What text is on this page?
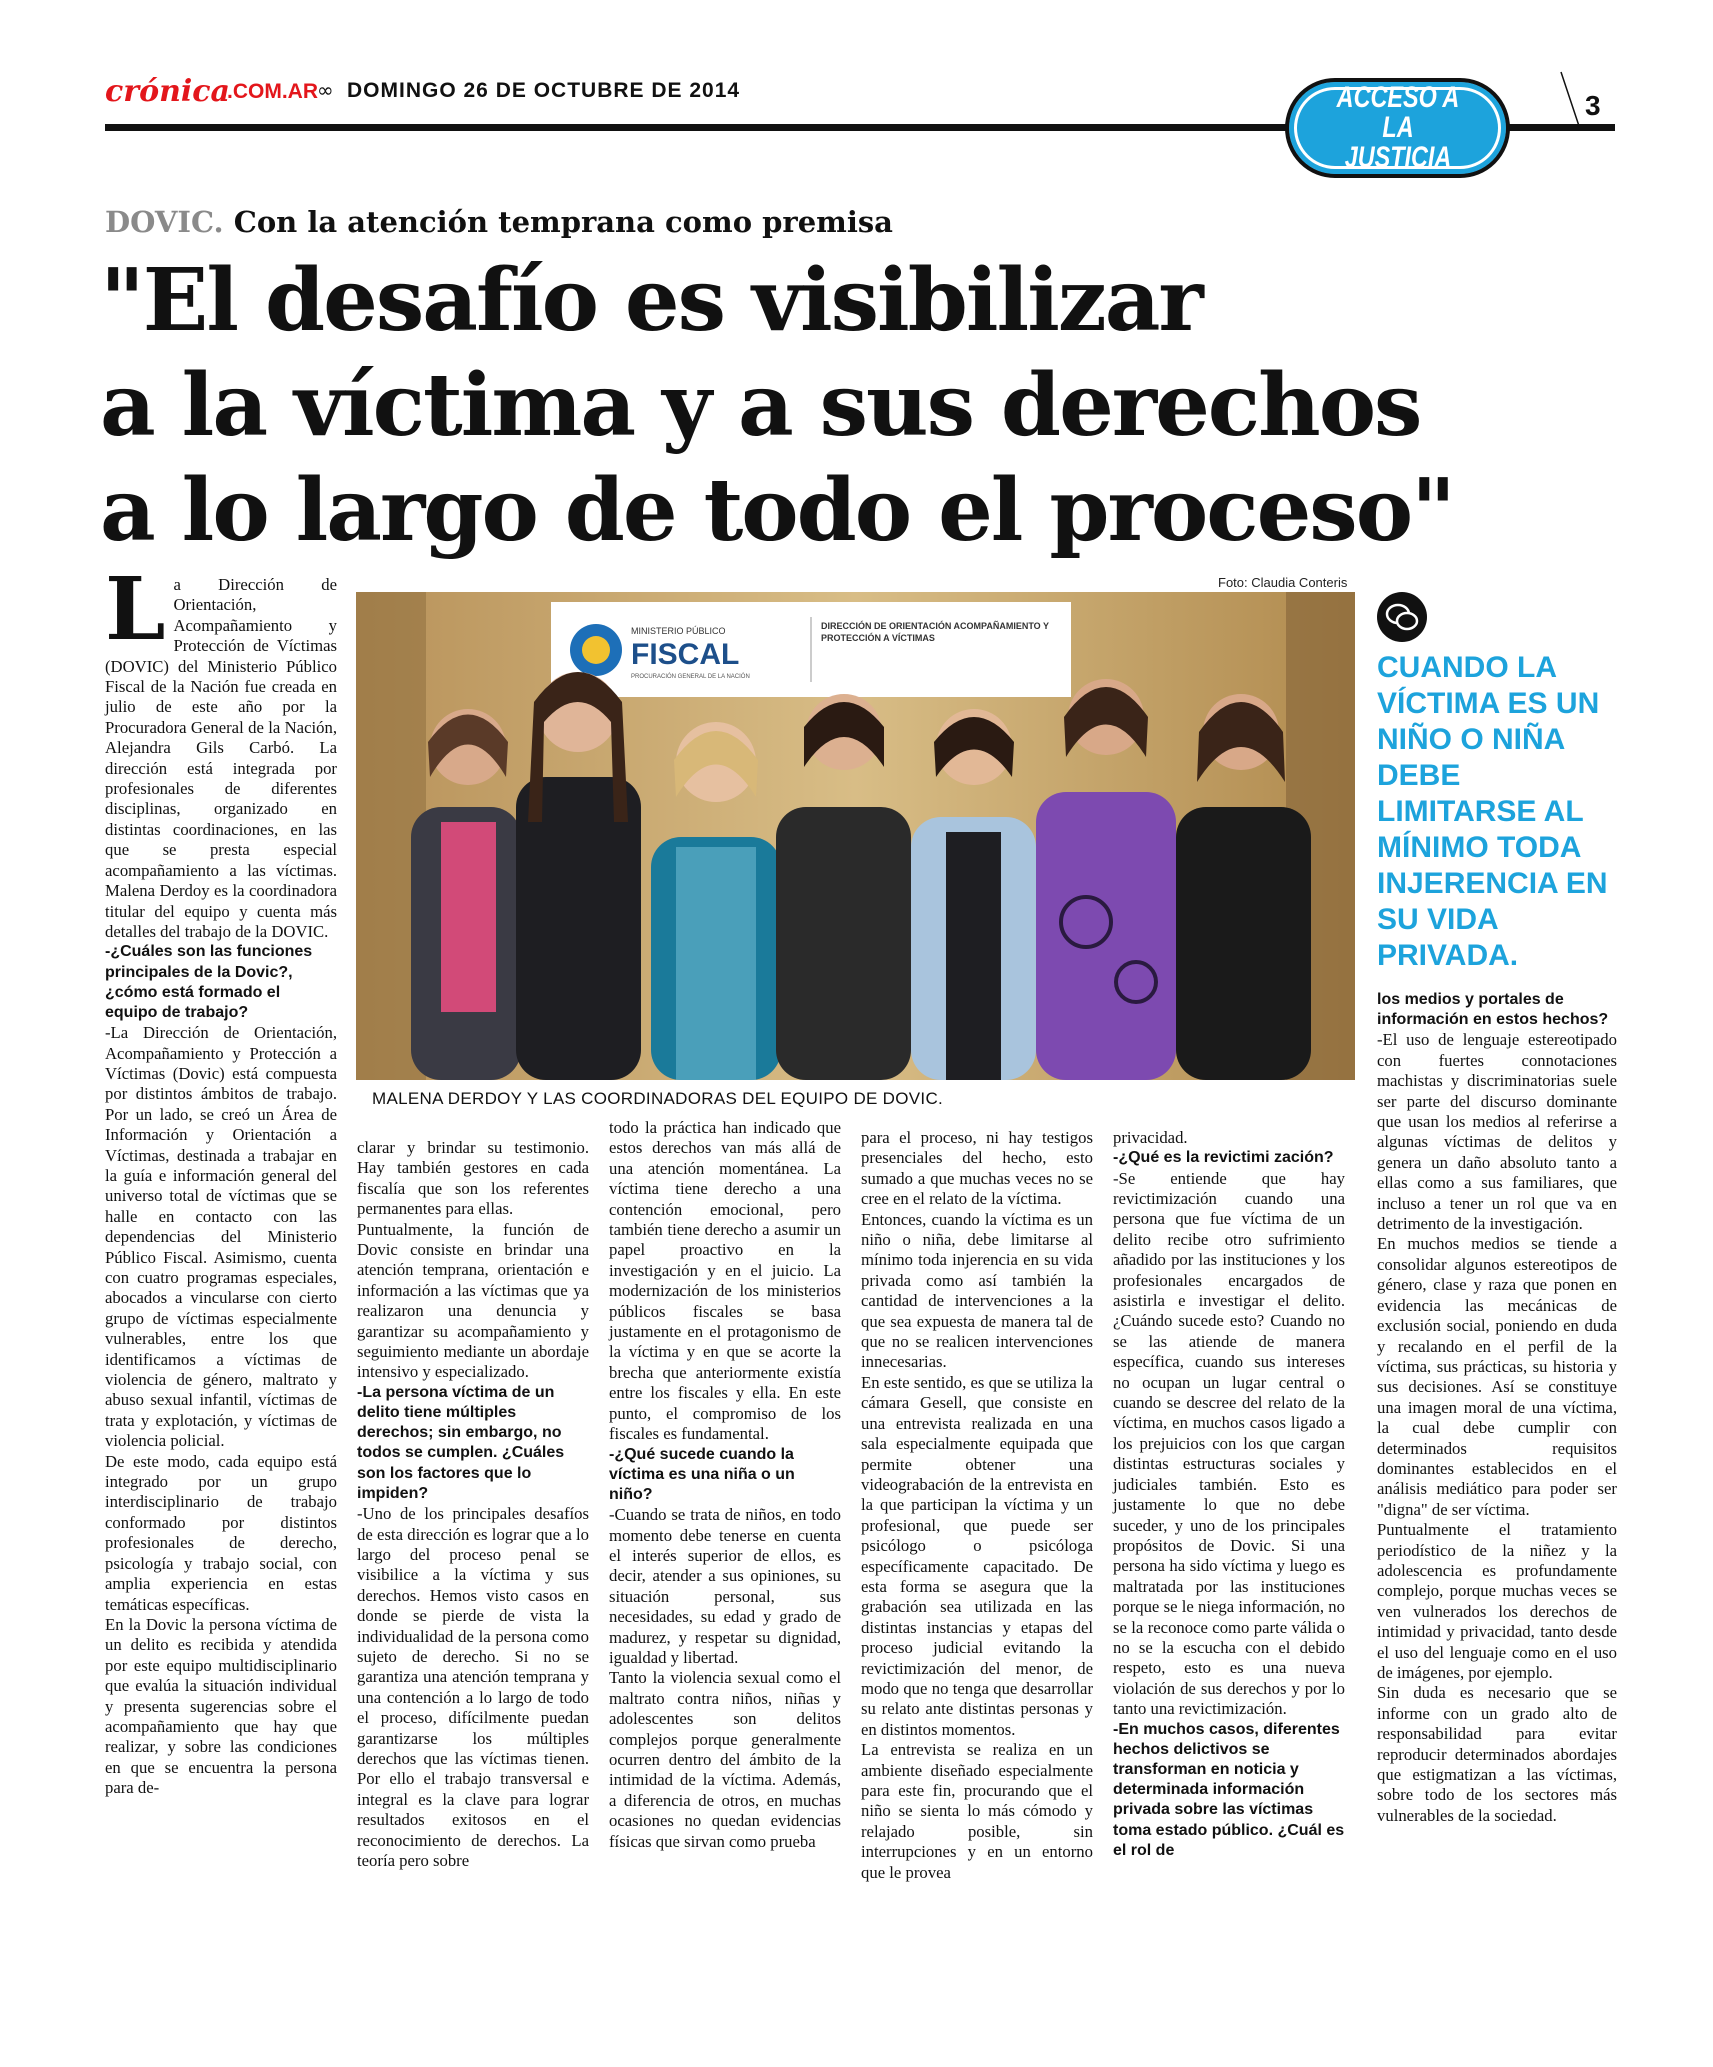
crónica
.COM.AR ∞ DOMINGO 26 DE OCTUBRE DE 2014	3
ACCESO A LA JUSTICIA
DOVIC. Con la atención temprana como premisa
"El desafío es visibilizar
a la víctima y a sus derechos
a lo largo de todo el proceso"
Foto: Claudia Conteris
MINISTERIO PÚBLICO
FISCAL
PROCURACIÓN GENERAL DE LA NACIÓN
DIRECCIÓN DE ORIENTACIÓN ACOMPAÑAMIENTO Y PROTECCIÓN A VÍCTIMAS
MALENA DERDOY Y LAS COORDINADORAS DEL EQUIPO DE DOVIC.
CUANDO LA VÍCTIMA ES UN NIÑO O NIÑA DEBE LIMITARSE AL MÍNIMO TODA INJERENCIA EN SU VIDA PRIVADA.
L a Dirección de Orientación, Acompañamiento y Protección de Víctimas (DOVIC) del Ministerio Público Fiscal de la Nación fue creada en julio de este año por la Procuradora General de la Nación, Alejandra Gils Carbó. La dirección está integrada por profesionales de diferentes disciplinas, organizado en distintas coordinaciones, en las que se presta especial acompañamiento a las víctimas. Malena Derdoy es la coordinadora titular del equipo y cuenta más detalles del trabajo de la DOVIC.

-¿Cuáles son las funciones principales de la Dovic?, ¿cómo está formado el equipo de trabajo?

-La Dirección de Orientación, Acompañamiento y Protección a Víctimas (Dovic) está compuesta por distintos ámbitos de trabajo. Por un lado, se creó un Área de Información y Orientación a Víctimas, destinada a trabajar en la guía e información general del universo total de víctimas que se halle en contacto con las dependencias del Ministerio Público Fiscal. Asimismo, cuenta con cuatro programas especiales, abocados a vincularse con cierto grupo de víctimas especialmente vulnerables, entre los que identificamos a víctimas de violencia de género, maltrato y abuso sexual infantil, víctimas de trata y explotación, y víctimas de violencia policial.

De este modo, cada equipo está integrado por un grupo interdisciplinario de trabajo conformado por distintos profesionales de derecho, psicología y trabajo social, con amplia experiencia en estas temáticas específicas.

En la Dovic la persona víctima de un delito es recibida y atendida por este equipo multidisciplinario que evalúa la situación individual y presenta sugerencias sobre el acompañamiento que hay que realizar, y sobre las condiciones en que se encuentra la persona para de-

clarar y brindar su testimonio. Hay también gestores en cada fiscalía que son los referentes permanentes para ellas.

Puntualmente, la función de Dovic consiste en brindar una atención temprana, orientación e información a las víctimas que ya realizaron una denuncia y garantizar su acompañamiento y seguimiento mediante un abordaje intensivo y especializado.

-La persona víctima de un delito tiene múltiples derechos; sin embargo, no todos se cumplen. ¿Cuáles son los factores que lo impiden?

-Uno de los principales desafíos de esta dirección es lograr que a lo largo del proceso penal se visibilice a la víctima y sus derechos. Hemos visto casos en donde se pierde de vista la individualidad de la persona como sujeto de derecho. Si no se garantiza una atención temprana y una contención a lo largo de todo el proceso, difícilmente puedan garantizarse los múltiples derechos que las víctimas tienen. Por ello el trabajo transversal e integral es la clave para lograr resultados exitosos en el reconocimiento de derechos. La teoría pero sobre

todo la práctica han indicado que estos derechos van más allá de una atención momentánea. La víctima tiene derecho a una contención emocional, pero también tiene derecho a asumir un papel proactivo en la investigación y en el juicio. La modernización de los ministerios públicos fiscales se basa justamente en el protagonismo de la víctima y en que se acorte la brecha que anteriormente existía entre los fiscales y ella. En este punto, el compromiso de los fiscales es fundamental.

-¿Qué sucede cuando la víctima es una niña o un niño?

-Cuando se trata de niños, en todo momento debe tenerse en cuenta el interés superior de ellos, es decir, atender a sus opiniones, su situación personal, sus necesidades, su edad y grado de madurez, y respetar su dignidad, igualdad y libertad.

Tanto la violencia sexual como el maltrato contra niños, niñas y adolescentes son delitos complejos porque generalmente ocurren dentro del ámbito de la intimidad de la víctima. Además, a diferencia de otros, en muchas ocasiones no quedan evidencias físicas que sirvan como prueba

para el proceso, ni hay testigos presenciales del hecho, esto sumado a que muchas veces no se cree en el relato de la víctima.

Entonces, cuando la víctima es un niño o niña, debe limitarse al mínimo toda injerencia en su vida privada como así también la cantidad de intervenciones a la que sea expuesta de manera tal de que no se realicen intervenciones innecesarias.

En este sentido, es que se utiliza la cámara Gesell, que consiste en una entrevista realizada en una sala especialmente equipada que permite obtener una videograbación de la entrevista en la que participan la víctima y un profesional, que puede ser psicólogo o psicóloga específicamente capacitado. De esta forma se asegura que la grabación sea utilizada en las distintas instancias y etapas del proceso judicial evitando la revictimización del menor, de modo que no tenga que desarrollar su relato ante distintas personas y en distintos momentos.

La entrevista se realiza en un ambiente diseñado especialmente para este fin, procurando que el niño se sienta lo más cómodo y relajado posible, sin interrupciones y en un entorno que le provea

privacidad.

-¿Qué es la revictimi zación?

-Se entiende que hay revictimización cuando una persona que fue víctima de un delito recibe otro sufrimiento añadido por las instituciones y los profesionales encargados de asistirla e investigar el delito. ¿Cuándo sucede esto? Cuando no se las atiende de manera específica, cuando sus intereses no ocupan un lugar central o cuando se descree del relato de la víctima, en muchos casos ligado a los prejuicios con los que cargan distintas estructuras sociales y judiciales también. Esto es justamente lo que no debe suceder, y uno de los principales propósitos de Dovic. Si una persona ha sido víctima y luego es maltratada por las instituciones porque se le niega información, no se la reconoce como parte válida o no se la escucha con el debido respeto, esto es una nueva violación de sus derechos y por lo tanto una revictimización.

-En muchos casos, diferentes hechos delictivos se transforman en noticia y determinada información privada sobre las víctimas toma estado público. ¿Cuál es el rol de

los medios y portales de información en estos hechos?

-El uso de lenguaje estereotipado con fuertes connotaciones machistas y discriminatorias suele ser parte del discurso dominante que usan los medios al referirse a algunas víctimas de delitos y genera un daño absoluto tanto a ellas como a sus familiares, que incluso a tener un rol que va en detrimento de la investigación.

En muchos medios se tiende a consolidar algunos estereotipos de género, clase y raza que ponen en evidencia las mecánicas de exclusión social, poniendo en duda y recalando en el perfil de la víctima, sus prácticas, su historia y sus decisiones. Así se constituye una imagen moral de una víctima, la cual debe cumplir con determinados requisitos dominantes establecidos en el análisis mediático para poder ser "digna" de ser víctima.

Puntualmente el tratamiento periodístico de la niñez y la adolescencia es profundamente complejo, porque muchas veces se ven vulnerados los derechos de intimidad y privacidad, tanto desde el uso del lenguaje como en el uso de imágenes, por ejemplo.

Sin duda es necesario que se informe con un grado alto de responsabilidad para evitar reproducir determinados abordajes que estigmatizan a las víctimas, sobre todo de los sectores más vulnerables de la sociedad.
